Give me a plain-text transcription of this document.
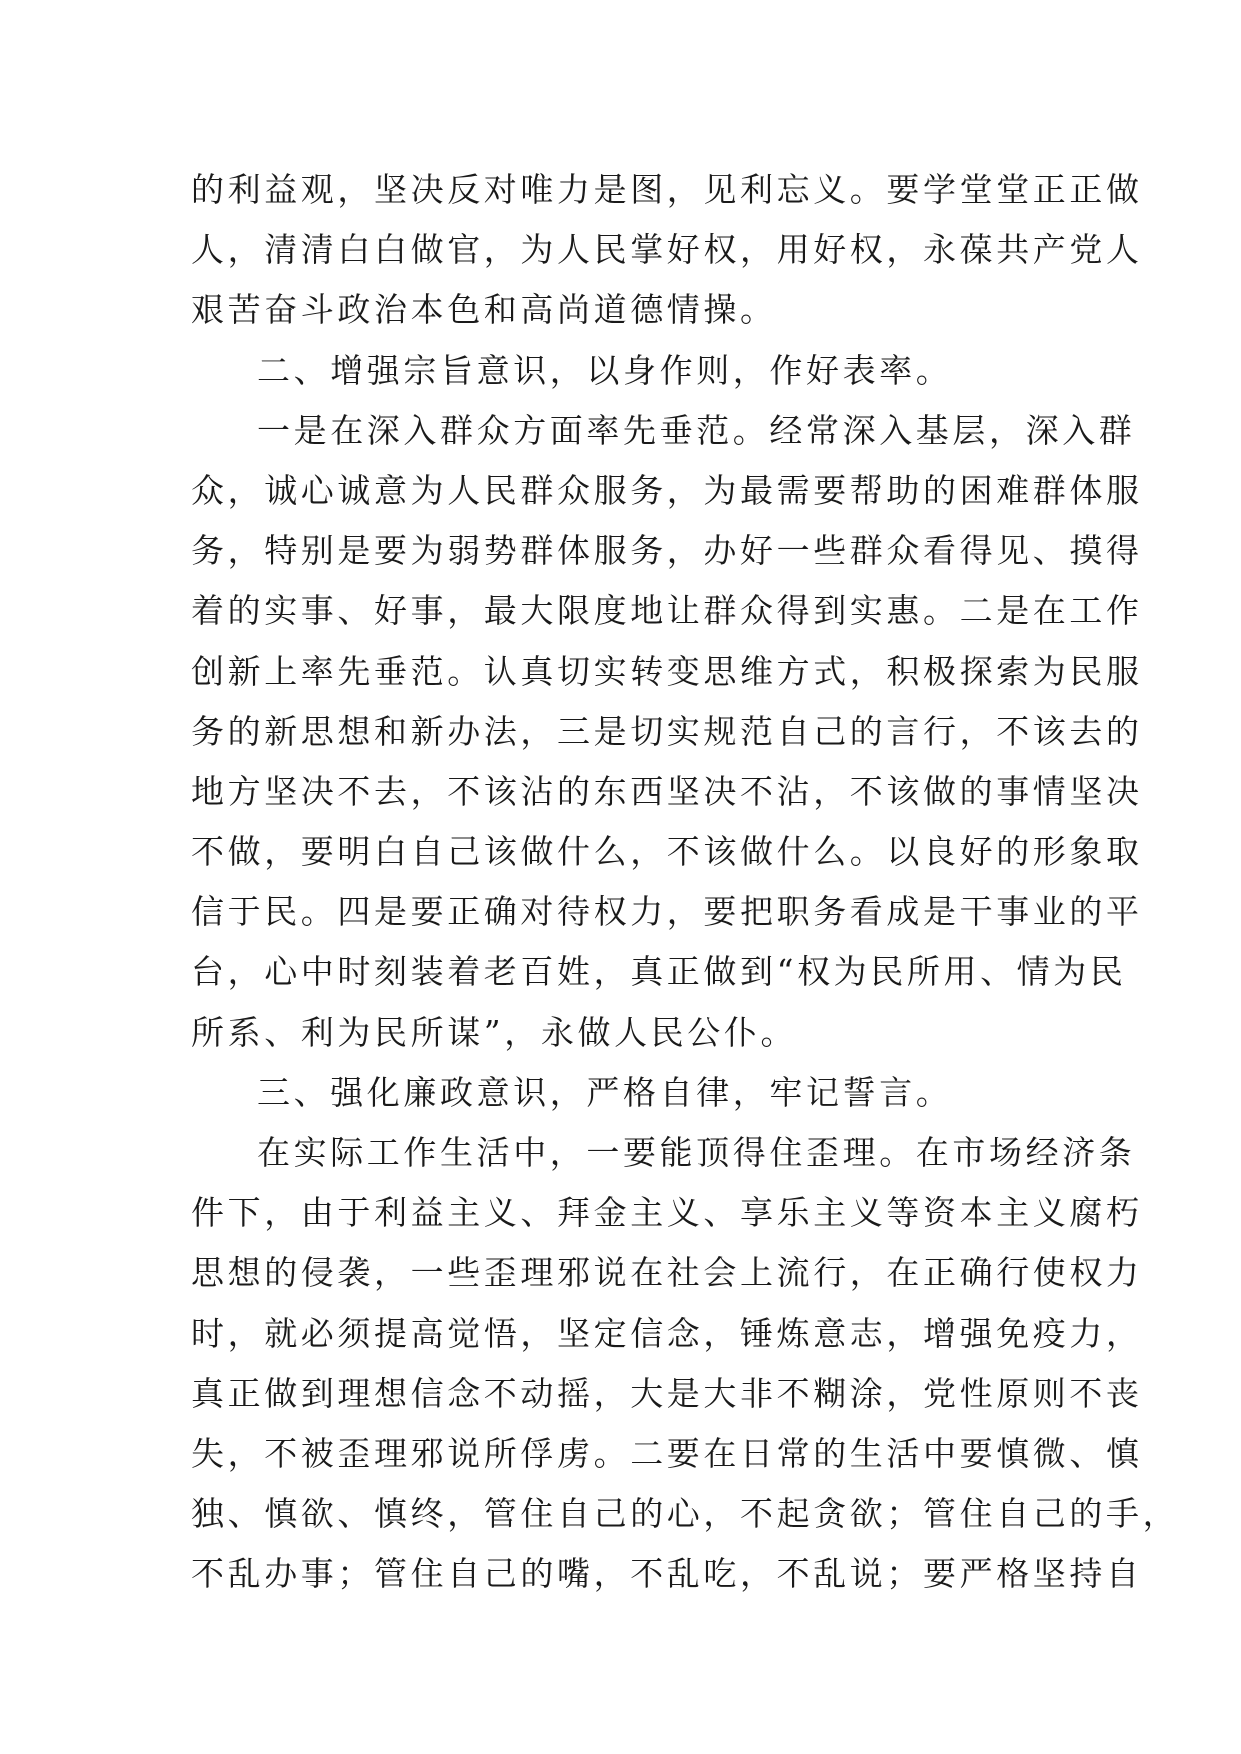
的利益观，坚决反对唯力是图，见利忘义。要学堂堂正正做
人，清清白白做官，为人民掌好权，用好权，永葆共产党人
艰苦奋斗政治本色和高尚道德情操。
二、增强宗旨意识，以身作则，作好表率。
一是在深入群众方面率先垂范。经常深入基层，深入群
众，诚心诚意为人民群众服务，为最需要帮助的困难群体服
务，特别是要为弱势群体服务，办好一些群众看得见、摸得
着的实事、好事，最大限度地让群众得到实惠。二是在工作
创新上率先垂范。认真切实转变思维方式，积极探索为民服
务的新思想和新办法，三是切实规范自己的言行，不该去的
地方坚决不去，不该沾的东西坚决不沾，不该做的事情坚决
不做，要明白自己该做什么，不该做什么。以良好的形象取
信于民。四是要正确对待权力，要把职务看成是干事业的平
台，心中时刻装着老百姓，真正做到“权为民所用、情为民
所系、利为民所谋”，永做人民公仆。
三、强化廉政意识，严格自律，牢记誓言。
在实际工作生活中，一要能顶得住歪理。在市场经济条
件下，由于利益主义、拜金主义、享乐主义等资本主义腐朽
思想的侵袭，一些歪理邪说在社会上流行，在正确行使权力
时，就必须提高觉悟，坚定信念，锤炼意志，增强免疫力，
真正做到理想信念不动摇，大是大非不糊涂，党性原则不丧
失，不被歪理邪说所俘虏。二要在日常的生活中要慎微、慎
独、慎欲、慎终，管住自己的心，不起贪欲；管住自己的手，
不乱办事；管住自己的嘴，不乱吃，不乱说；要严格坚持自
